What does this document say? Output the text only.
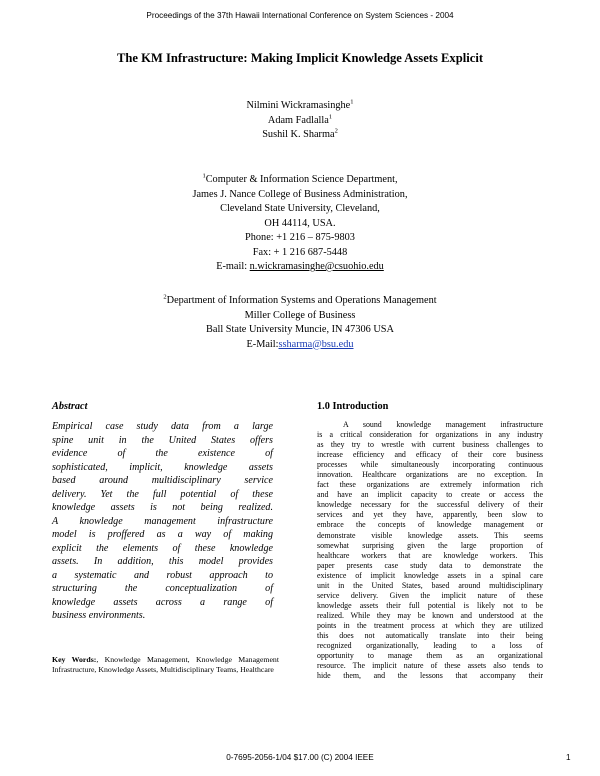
Proceedings of the 37th Hawaii International Conference on System Sciences - 2004
The KM Infrastructure: Making Implicit Knowledge Assets Explicit
Nilmini Wickramasinghe$^1$
Adam Fadlalla$^1$
Sushil K. Sharma$^2$
$^1$Computer & Information Science Department,
James J. Nance College of Business Administration,
Cleveland State University, Cleveland,
OH 44114, USA.
Phone: +1 216 – 875-9803
Fax: + 1 216 687-5448
E-mail: n.wickramasinghe@csuohio.edu
$^2$Department of Information Systems and Operations Management
Miller College of Business
Ball State University Muncie, IN 47306 USA
E-Mail:ssharma@bsu.edu
Abstract
Empirical case study data from a large
spine unit in the United States offers
evidence of the existence of
sophisticated, implicit, knowledge assets
based around multidisciplinary service
delivery. Yet the full potential of these
knowledge assets is not being realized.
A knowledge management infrastructure
model is proffered as a way of making
explicit the elements of these knowledge
assets. In addition, this model provides
a systematic and robust approach to
structuring the conceptualization of
knowledge assets across a range of
business environments.
Key Words:, Knowledge Management, Knowledge Management Infrastructure, Knowledge Assets, Multidisciplinary Teams, Healthcare
1.0 Introduction
A sound knowledge management infrastructure
is a critical consideration for organizations in any industry
as they try to wrestle with current business challenges to
increase efficiency and efficacy of their core business
processes while simultaneously incorporating continuous
innovation. Healthcare organizations are no exception. In
fact these organizations are extremely information rich
and have an implicit capacity to create or access the
knowledge necessary for the successful delivery of their
services and yet they have, apparently, been slow to
embrace the concepts of knowledge management or
demonstrate visible knowledge assets. This seems
somewhat surprising given the large proportion of
healthcare workers that are knowledge workers. This
paper presents case study data to demonstrate the
existence of implicit knowledge assets in a spinal care
unit in the United States, based around multidisciplinary
service delivery. Given the implicit nature of these
knowledge assets their full potential is likely not to be
realized. While they may be known and understood at the
points in the treatment process at which they are utilized
this does not automatically translate into their being
recognized organizationally, leading to a loss of
opportunity to manage them as an organizational
resource. The implicit nature of these assets also tends to
hide them, and the lessons that accompany their
0-7695-2056-1/04 $17.00 (C) 2004 IEEE	1
